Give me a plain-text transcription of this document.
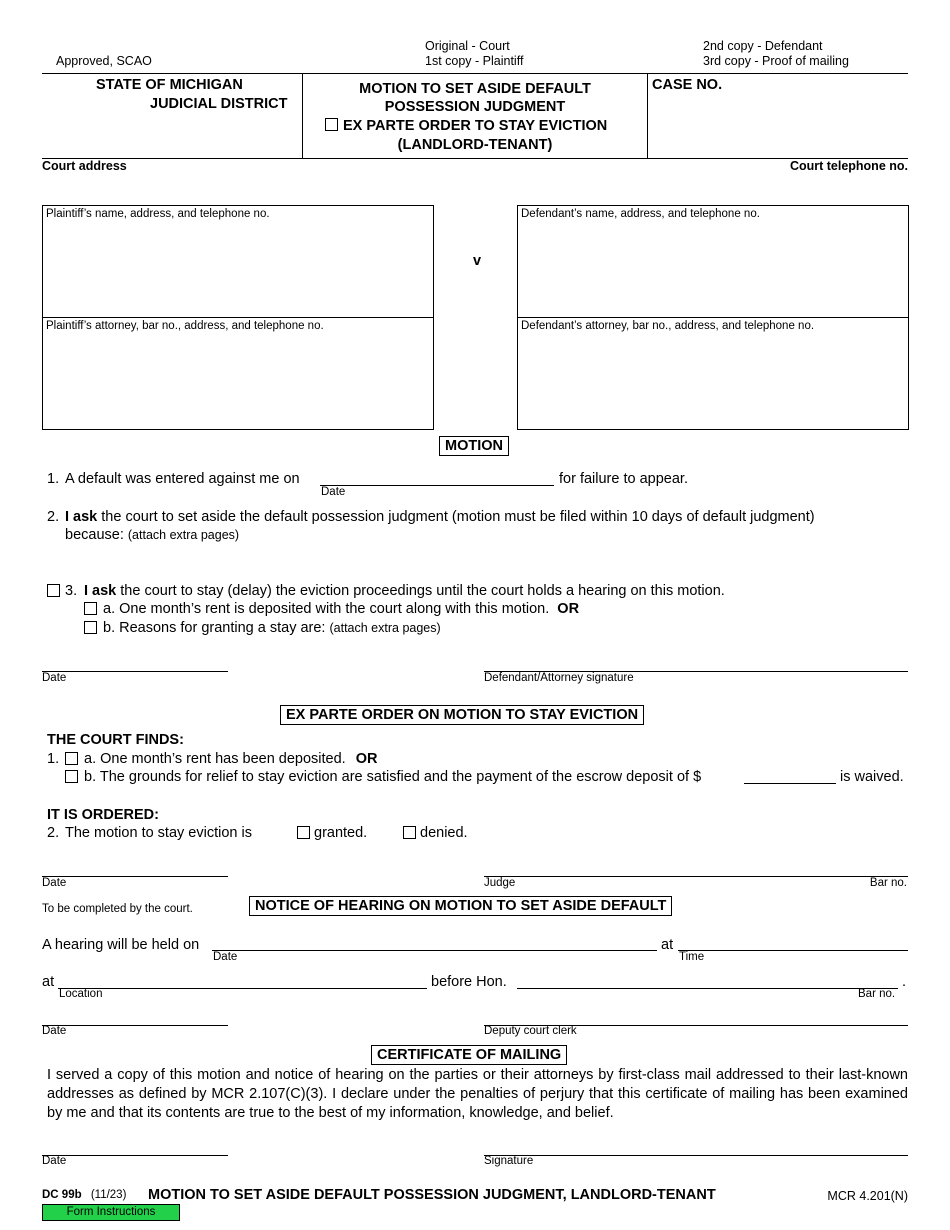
Approved, SCAO
Original - Court
1st copy - Plaintiff
2nd copy - Defendant
3rd copy - Proof of mailing
STATE OF MICHIGAN
JUDICIAL DISTRICT
MOTION TO SET ASIDE DEFAULT
POSSESSION JUDGMENT
EX PARTE ORDER TO STAY EVICTION
(LANDLORD-TENANT)
CASE NO.
Court address	Court telephone no.
Plaintiff’s name, address, and telephone no.
Plaintiff’s attorney, bar no., address, and telephone no.
v
Defendant’s name, address, and telephone no.
Defendant’s attorney, bar no., address, and telephone no.
MOTION
1. A default was entered against me on
Date
for failure to appear.
2. I ask the court to set aside the default possession judgment (motion must be filed within 10 days of default judgment)
because: (attach extra pages)
3. I ask the court to stay (delay) the eviction proceedings until the court holds a hearing on this motion.
a. One month’s rent is deposited with the court along with this motion. OR
b. Reasons for granting a stay are: (attach extra pages)
Date	Defendant/Attorney signature
EX PARTE ORDER ON MOTION TO STAY EVICTION
THE COURT FINDS:
1. a. One month’s rent has been deposited. OR
b. The grounds for relief to stay eviction are satisfied and the payment of the escrow deposit of $	is waived.
IT IS ORDERED:
2. The motion to stay eviction is	granted.	denied.
Date	Judge	Bar no.
To be completed by the court.	NOTICE OF HEARING ON MOTION TO SET ASIDE DEFAULT
A hearing will be held on
Date
at
Time
at
Location
before Hon.
Bar no.
.
Date	Deputy court clerk
CERTIFICATE OF MAILING
I served a copy of this motion and notice of hearing on the parties or their attorneys by first-class mail addressed to their last-known addresses as defined by MCR 2.107(C)(3). I declare under the penalties of perjury that this certificate of mailing has been examined by me and that its contents are true to the best of my information, knowledge, and belief.
Date	Signature
DC 99b (11/23) MOTION TO SET ASIDE DEFAULT POSSESSION JUDGMENT, LANDLORD-TENANT	MCR 4.201(N)
Form Instructions
